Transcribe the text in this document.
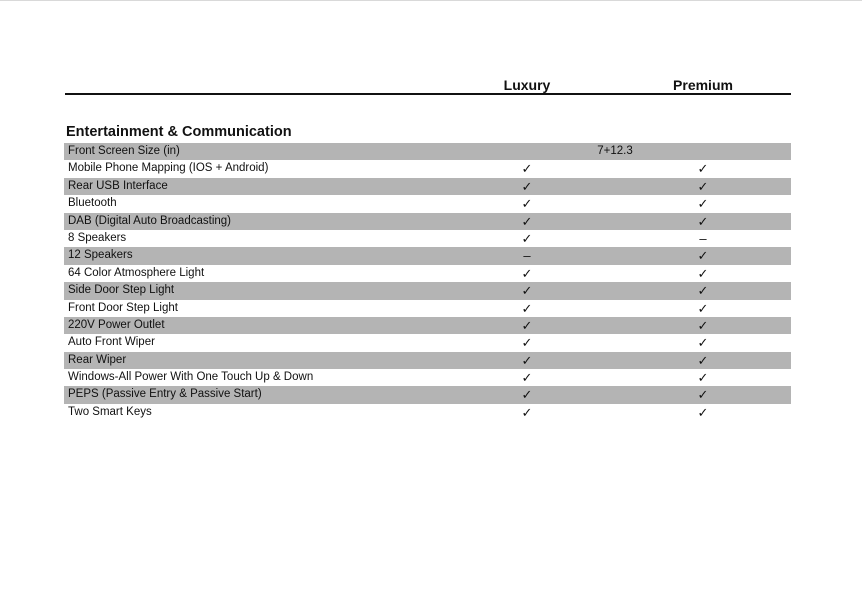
Luxury	Premium
Entertainment & Communication
Front Screen Size (in)	7+12.3
Mobile Phone Mapping (IOS + Android)	✓	✓
Rear USB Interface	✓	✓
Bluetooth	✓	✓
DAB (Digital Auto Broadcasting)	✓	✓
8 Speakers	✓	–
12 Speakers	–	✓
64 Color Atmosphere Light	✓	✓
Side Door Step Light	✓	✓
Front Door Step Light	✓	✓
220V Power Outlet	✓	✓
Auto Front Wiper	✓	✓
Rear Wiper	✓	✓
Windows-All Power With One Touch Up & Down	✓	✓
PEPS (Passive Entry & Passive Start)	✓	✓
Two Smart Keys	✓	✓
